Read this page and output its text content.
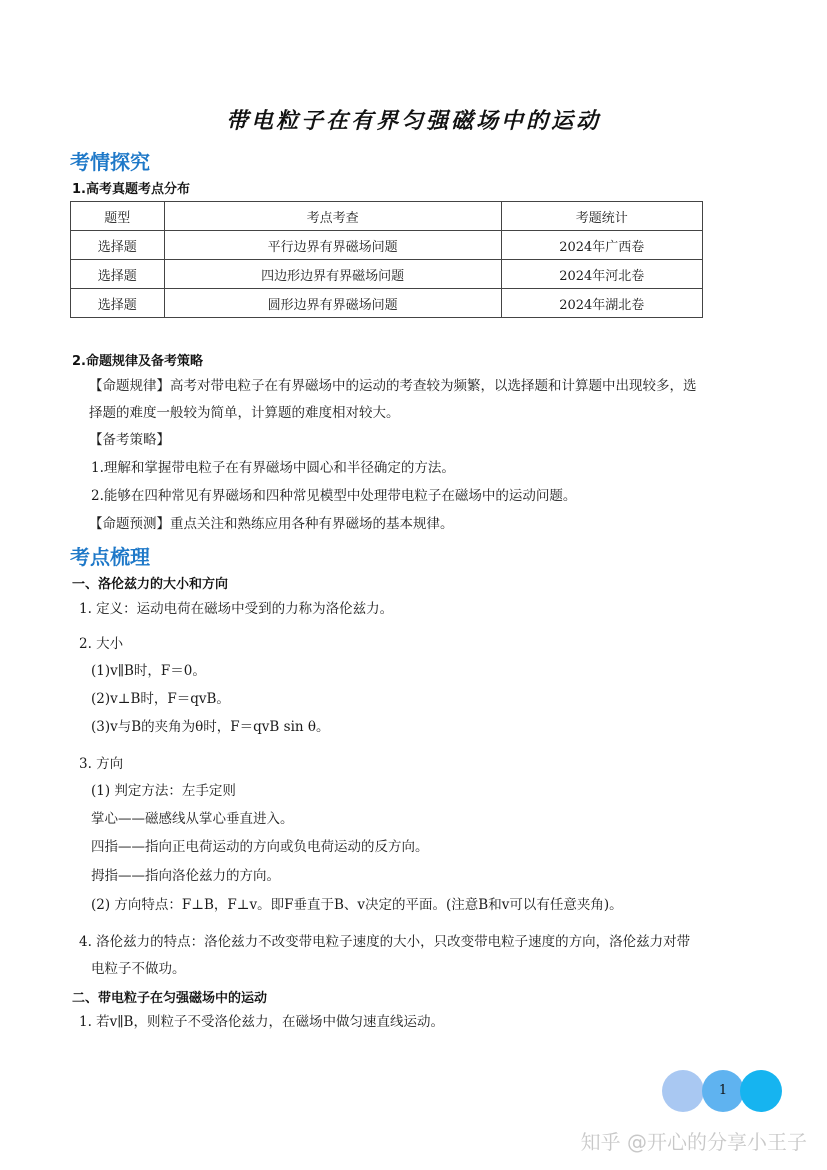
带电粒子在有界匀强磁场中的运动
考情探究
1.高考真题考点分布
题型	考点考查	考题统计
选择题	平行边界有界磁场问题	2024年广西卷
选择题	四边形边界有界磁场问题	2024年河北卷
选择题	圆形边界有界磁场问题	2024年湖北卷
2.命题规律及备考策略
【命题规律】高考对带电粒子在有界磁场中的运动的考查较为频繁，以选择题和计算题中出现较多，选
择题的难度一般较为简单，计算题的难度相对较大。
【备考策略】
1.理解和掌握带电粒子在有界磁场中圆心和半径确定的方法。
2.能够在四种常见有界磁场和四种常见模型中处理带电粒子在磁场中的运动问题。
【命题预测】重点关注和熟练应用各种有界磁场的基本规律。
考点梳理
一、洛伦兹力的大小和方向
1. 定义：运动电荷在磁场中受到的力称为洛伦兹力。
2. 大小
(1)v∥B时，F＝0。
(2)v⊥B时，F＝qvB。
(3)v与B的夹角为θ时，F＝qvB sin θ。
3. 方向
(1) 判定方法：左手定则
掌心——磁感线从掌心垂直进入。
四指——指向正电荷运动的方向或负电荷运动的反方向。
拇指——指向洛伦兹力的方向。
(2) 方向特点：F⊥B，F⊥v。即F垂直于B、v决定的平面。(注意B和v可以有任意夹角)。
4. 洛伦兹力的特点：洛伦兹力不改变带电粒子速度的大小，只改变带电粒子速度的方向，洛伦兹力对带
电粒子不做功。
二、带电粒子在匀强磁场中的运动
1. 若v∥B，则粒子不受洛伦兹力，在磁场中做匀速直线运动。
1
知乎 @开心的分享小王子
